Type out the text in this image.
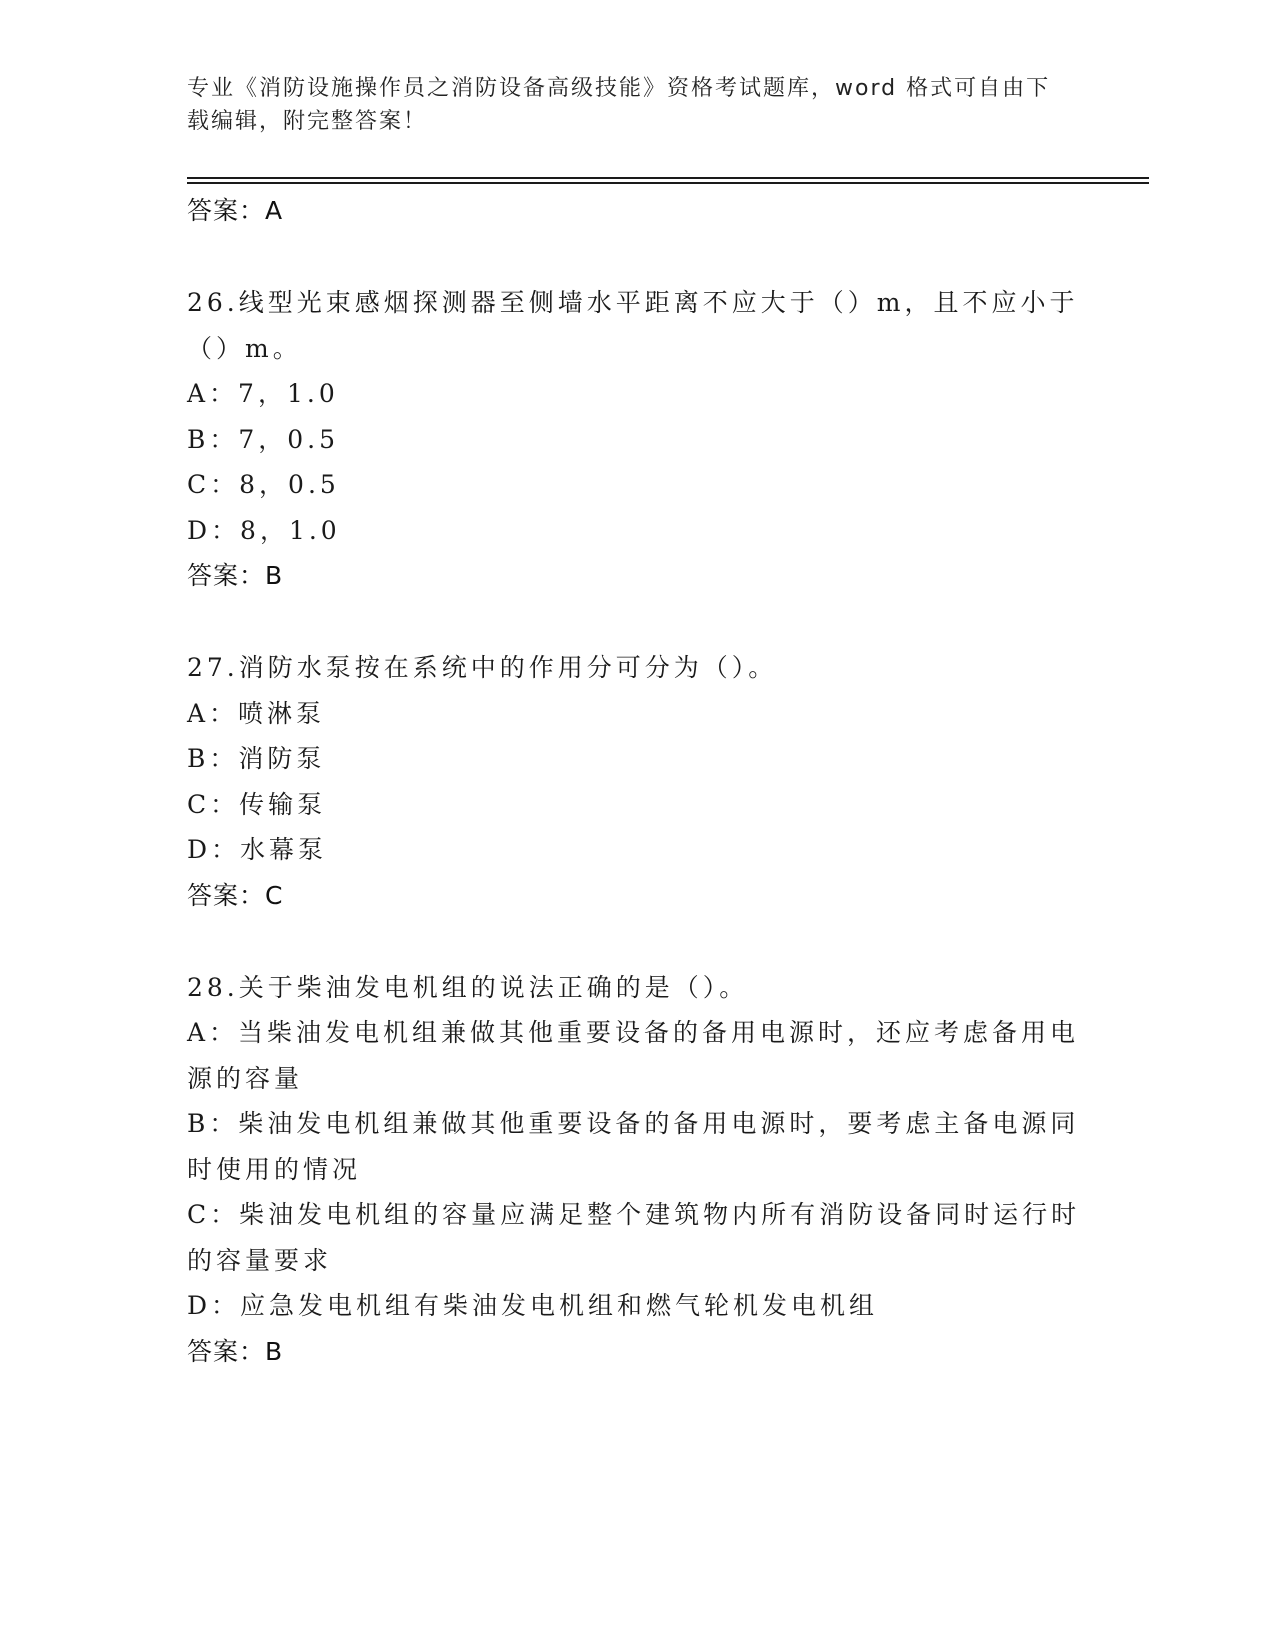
专业《消防设施操作员之消防设备高级技能》资格考试题库，word 格式可自由下
载编辑，附完整答案！
答案：A
26.线型光束感烟探测器至侧墙水平距离不应大于（）m，且不应小于
（）m。
A：7，1.0
B：7，0.5
C：8，0.5
D：8，1.0
答案：B
27.消防水泵按在系统中的作用分可分为（）。
A：喷淋泵
B：消防泵
C：传输泵
D：水幕泵
答案：C
28.关于柴油发电机组的说法正确的是（）。
A：当柴油发电机组兼做其他重要设备的备用电源时，还应考虑备用电
源的容量
B：柴油发电机组兼做其他重要设备的备用电源时，要考虑主备电源同
时使用的情况
C：柴油发电机组的容量应满足整个建筑物内所有消防设备同时运行时
的容量要求
D：应急发电机组有柴油发电机组和燃气轮机发电机组
答案：B
